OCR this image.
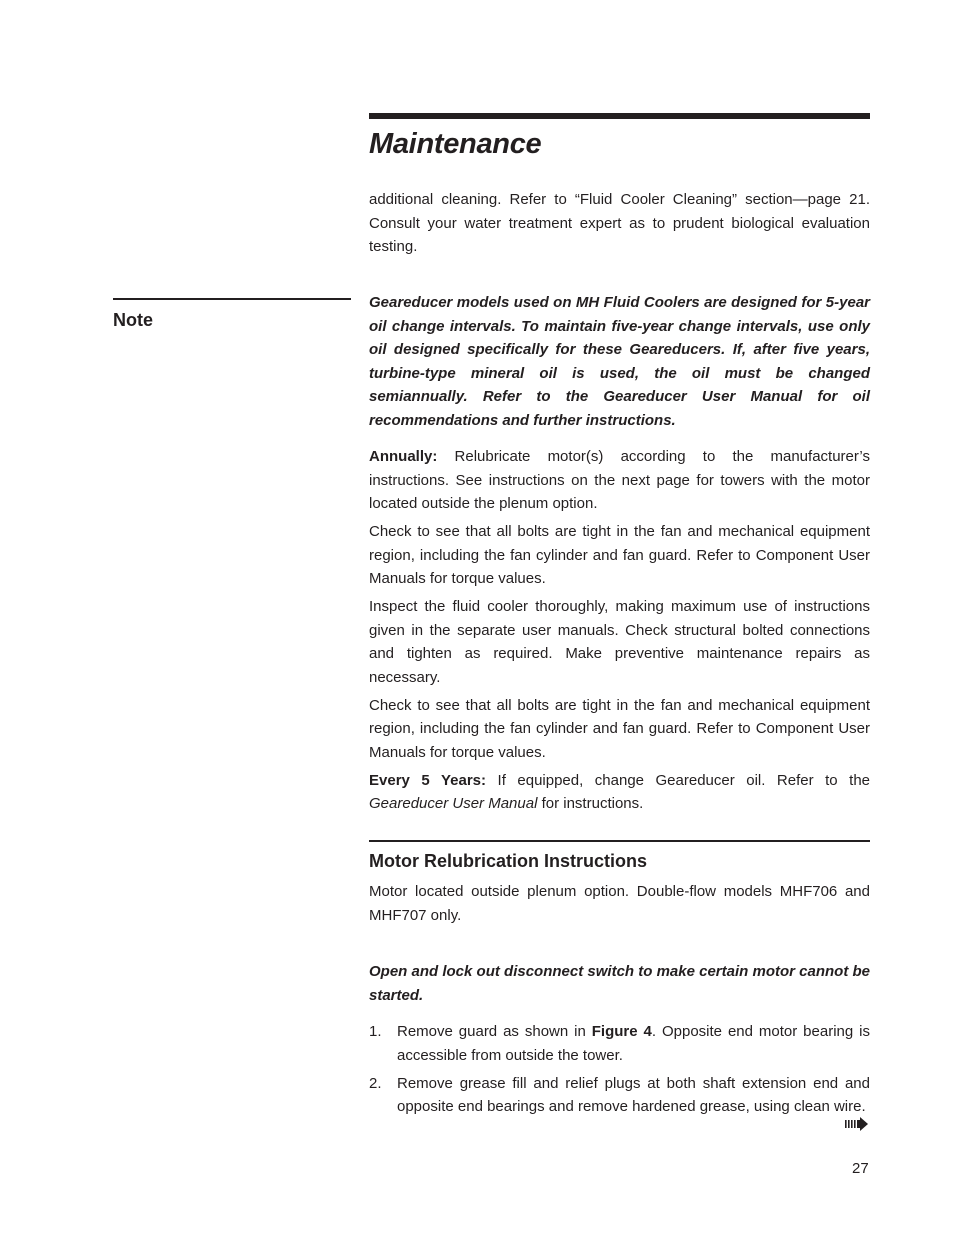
Maintenance

additional cleaning. Refer to “Fluid Cooler Cleaning” section—page 21. Consult your water treatment expert as to prudent biological evaluation testing.

Note

Geareducer models used on MH Fluid Coolers are designed for 5-year oil change intervals. To maintain five-year change intervals, use only oil designed specifically for these Geareducers. If, after five years, turbine-type mineral oil is used, the oil must be changed semiannually. Refer to the Geareducer User Manual for oil recommendations and further instructions.

Annually: Relubricate motor(s) according to the manufacturer’s instructions. See instructions on the next page for towers with the motor located outside the plenum option.

Check to see that all bolts are tight in the fan and mechanical equipment region, including the fan cylinder and fan guard. Refer to Component User Manuals for torque values.

Inspect the fluid cooler thoroughly, making maximum use of instructions given in the separate user manuals. Check structural bolted connections and tighten as required. Make preventive maintenance repairs as necessary.

Check to see that all bolts are tight in the fan and mechanical equipment region, including the fan cylinder and fan guard. Refer to Component User Manuals for torque values.

Every 5 Years: If equipped, change Geareducer oil. Refer to the Geareducer User Manual for instructions.

Motor Relubrication Instructions

Motor located outside plenum option. Double-flow models MHF706 and MHF707 only.

Open and lock out disconnect switch to make certain motor cannot be started.

1.	Remove guard as shown in Figure 4. Opposite end motor bearing is accessible from outside the tower.
2.	Remove grease fill and relief plugs at both shaft extension end and opposite end bearings and remove hardened grease, using clean wire.
27
